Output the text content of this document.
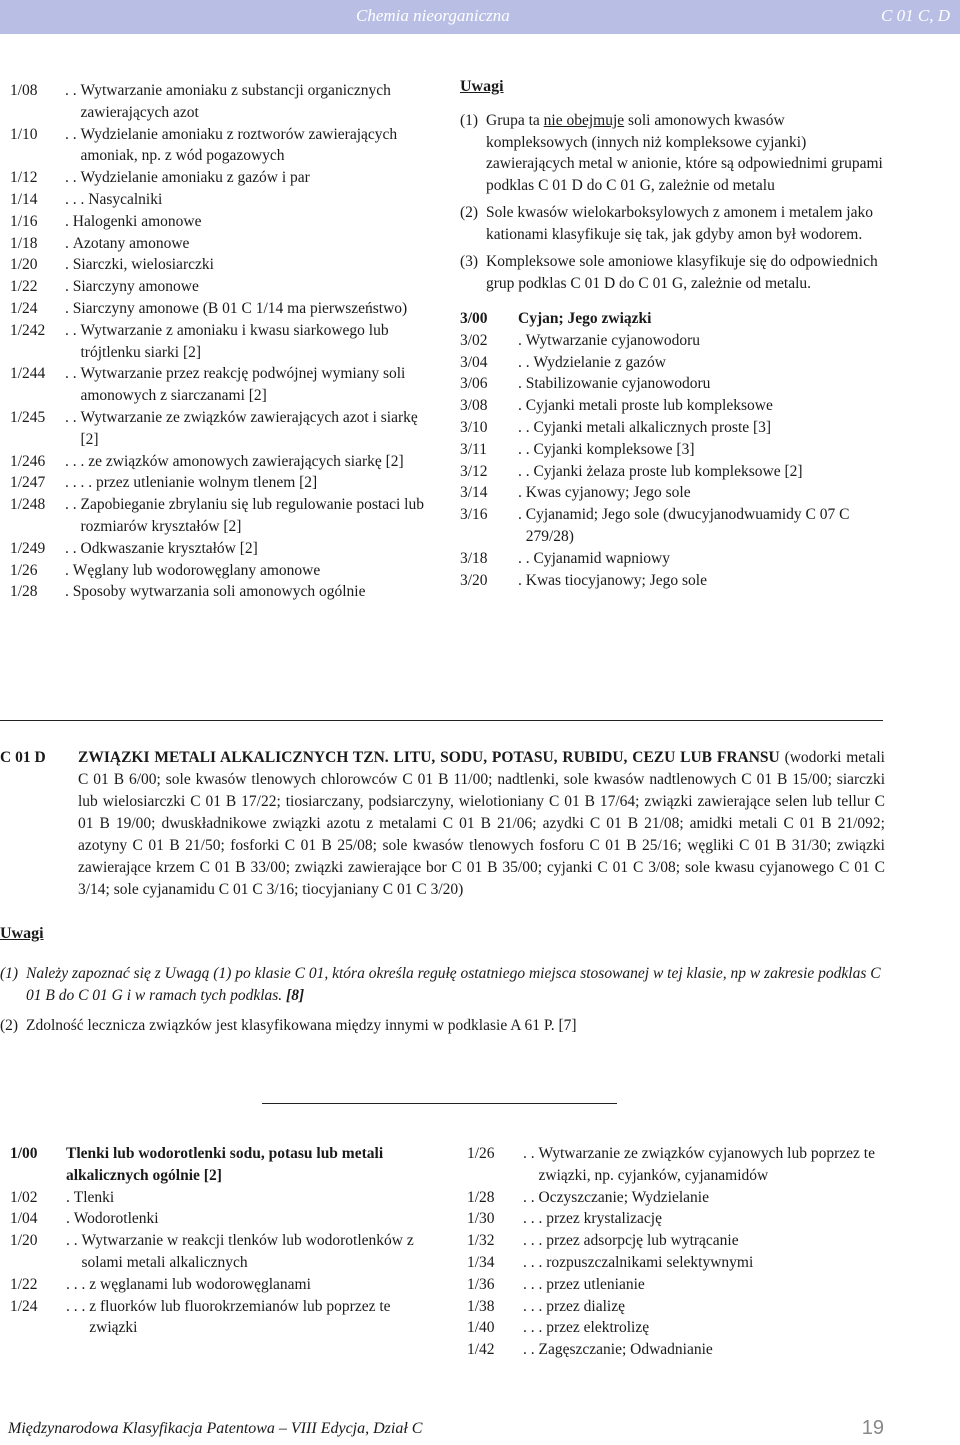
Chemia nieorganiczna	C 01 C, D
1/08	. . Wytwarzanie amoniaku z substancji organicznych zawierających azot
1/10	. . Wydzielanie amoniaku z roztworów zawierających amoniak, np. z wód pogazowych
1/12	. . Wydzielanie amoniaku z gazów i par
1/14	. . . Nasycalniki
1/16	. Halogenki amonowe
1/18	. Azotany amonowe
1/20	. Siarczki, wielosiarczki
1/22	. Siarczyny amonowe
1/24	. Siarczyny amonowe (B 01 C 1/14 ma pierwszeństwo)
1/242	. . Wytwarzanie z amoniaku i kwasu siarkowego lub trójtlenku siarki [2]
1/244	. . Wytwarzanie przez reakcję podwójnej wymiany soli amonowych z siarczanami [2]
1/245	. . Wytwarzanie ze związków zawierających azot i siarkę [2]
1/246	. . . ze związków amonowych zawierających siarkę [2]
1/247	. . . . przez utlenianie wolnym tlenem [2]
1/248	. . Zapobieganie zbrylaniu się lub regulowanie postaci lub rozmiarów kryształów [2]
1/249	. . Odkwaszanie kryształów [2]
1/26	. Węglany lub wodorowęglany amonowe
1/28	. Sposoby wytwarzania soli amonowych ogólnie
Uwagi
(1) Grupa ta nie obejmuje soli amonowych kwasów kompleksowych (innych niż kompleksowe cyjanki) zawierających metal w anionie, które są odpowiednimi grupami podklas C 01 D do C 01 G, zależnie od metalu
(2) Sole kwasów wielokarboksylowych z amonem i metalem jako kationami klasyfikuje się tak, jak gdyby amon był wodorem.
(3) Kompleksowe sole amoniowe klasyfikuje się do odpowiednich grup podklas C 01 D do C 01 G, zależnie od metalu.
3/00	Cyjan; Jego związki
3/02	. Wytwarzanie cyjanowodoru
3/04	. . Wydzielanie z gazów
3/06	. Stabilizowanie cyjanowodoru
3/08	. Cyjanki metali proste lub kompleksowe
3/10	. . Cyjanki metali alkalicznych proste [3]
3/11	. . Cyjanki kompleksowe [3]
3/12	. . Cyjanki żelaza proste lub kompleksowe [2]
3/14	. Kwas cyjanowy; Jego sole
3/16	. Cyjanamid; Jego sole (dwucyjanodwuamidy C 07 C 279/28)
3/18	. . Cyjanamid wapniowy
3/20	. Kwas tiocyjanowy; Jego sole
C 01 D	ZWIĄZKI METALI ALKALICZNYCH TZN. LITU, SODU, POTASU, RUBIDU, CEZU LUB FRANSU (wodorki metali C 01 B 6/00; sole kwasów tlenowych chlorowców C 01 B 11/00; nadtlenki, sole kwasów nadtlenowych C 01 B 15/00; siarczki lub wielosiarczki C 01 B 17/22; tiosiarczany, podsiarczyny, wielotioniany C 01 B 17/64; związki zawierające selen lub tellur C 01 B 19/00; dwuskładnikowe związki azotu z metalami C 01 B 21/06; azydki C 01 B 21/08; amidki metali C 01 B 21/092; azotyny C 01 B 21/50; fosforki C 01 B 25/08; sole kwasów tlenowych fosforu C 01 B 25/16; węgliki C 01 B 31/30; związki zawierające krzem C 01 B 33/00; związki zawierające bor C 01 B 35/00; cyjanki C 01 C 3/08; sole kwasu cyjanowego C 01 C 3/14; sole cyjanamidu C 01 C 3/16; tiocyjaniany C 01 C 3/20)
Uwagi
(1) Należy zapoznać się z Uwagą (1) po klasie C 01, która określa regułę ostatniego miejsca stosowanej w tej klasie, np w zakresie podklas C 01 B do C 01 G i w ramach tych podklas. [8]
(2) Zdolność lecznicza związków jest klasyfikowana między innymi w podklasie A 61 P. [7]
1/00	Tlenki lub wodorotlenki sodu, potasu lub metali alkalicznych ogólnie [2]
1/02	. Tlenki
1/04	. Wodorotlenki
1/20	. . Wytwarzanie w reakcji tlenków lub wodorotlenków z solami metali alkalicznych
1/22	. . . z węglanami lub wodorowęglanami
1/24	. . . z fluorków lub fluorokrzemianów lub poprzez te związki
1/26	. . Wytwarzanie ze związków cyjanowych lub poprzez te związki, np. cyjanków, cyjanamidów
1/28	. . Oczyszczanie; Wydzielanie
1/30	. . . przez krystalizację
1/32	. . . przez adsorpcję lub wytrącanie
1/34	. . . rozpuszczalnikami selektywnymi
1/36	. . . przez utlenianie
1/38	. . . przez dializę
1/40	. . . przez elektrolizę
1/42	. . Zagęszczanie; Odwadnianie
Międzynarodowa Klasyfikacja Patentowa – VIII Edycja, Dział C	19
